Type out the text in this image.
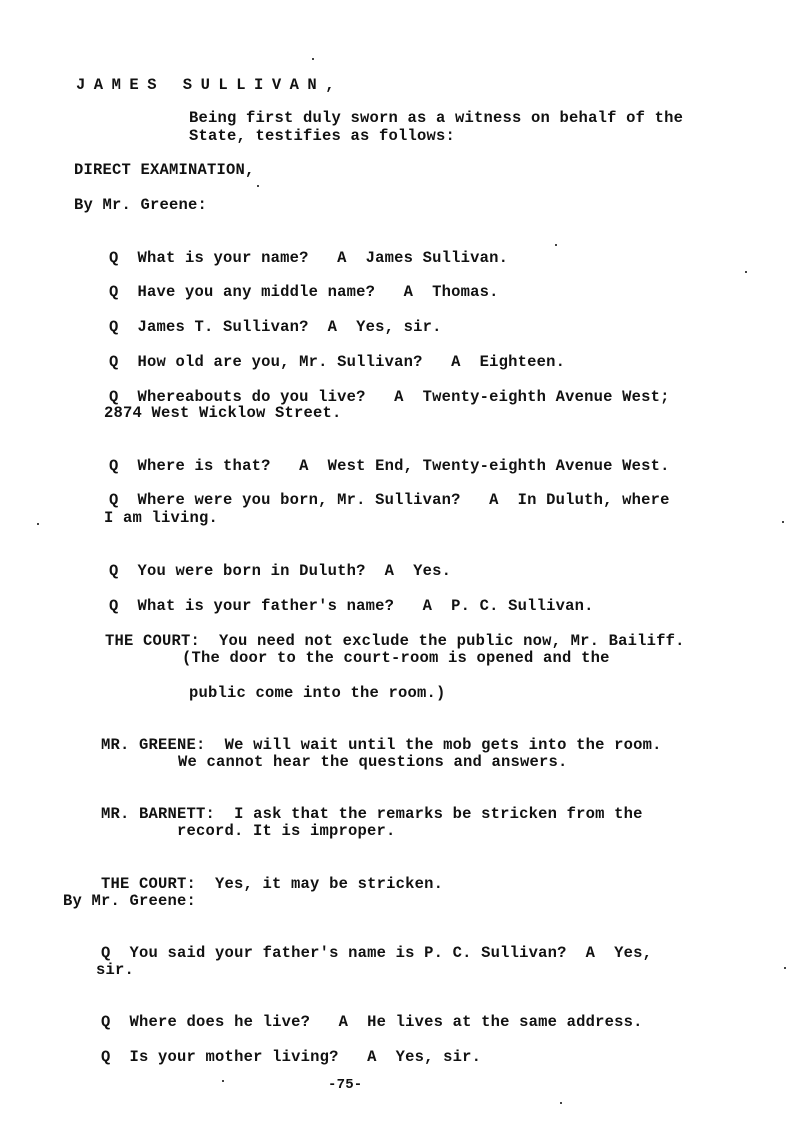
JAMES SULLIVAN,
Being first duly sworn as a witness on behalf of the
State, testifies as follows:
DIRECT EXAMINATION,
By Mr. Greene:

Q What is your name? A James Sullivan.

Q Have you any middle name? A Thomas.

Q James T. Sullivan? A Yes, sir.

Q How old are you, Mr. Sullivan? A Eighteen.

Q Whereabouts do you live? A Twenty-eighth Avenue West;

2874 West Wicklow Street.

Q Where is that? A West End, Twenty-eighth Avenue West.

Q Where were you born, Mr. Sullivan? A In Duluth, where

I am living.

Q You were born in Duluth? A Yes.

Q What is your father's name? A P. C. Sullivan.

THE COURT: You need not exclude the public now, Mr. Bailiff.

(The door to the court-room is opened and the
public come into the room.)

MR. GREENE: We will wait until the mob gets into the room.

We cannot hear the questions and answers.

MR. BARNETT: I ask that the remarks be stricken from the

record. It is improper.

THE COURT: Yes, it may be stricken.

By Mr. Greene:

Q You said your father's name is P. C. Sullivan? A Yes,

sir.

Q Where does he live? A He lives at the same address.

Q Is your mother living? A Yes, sir.

-75-
